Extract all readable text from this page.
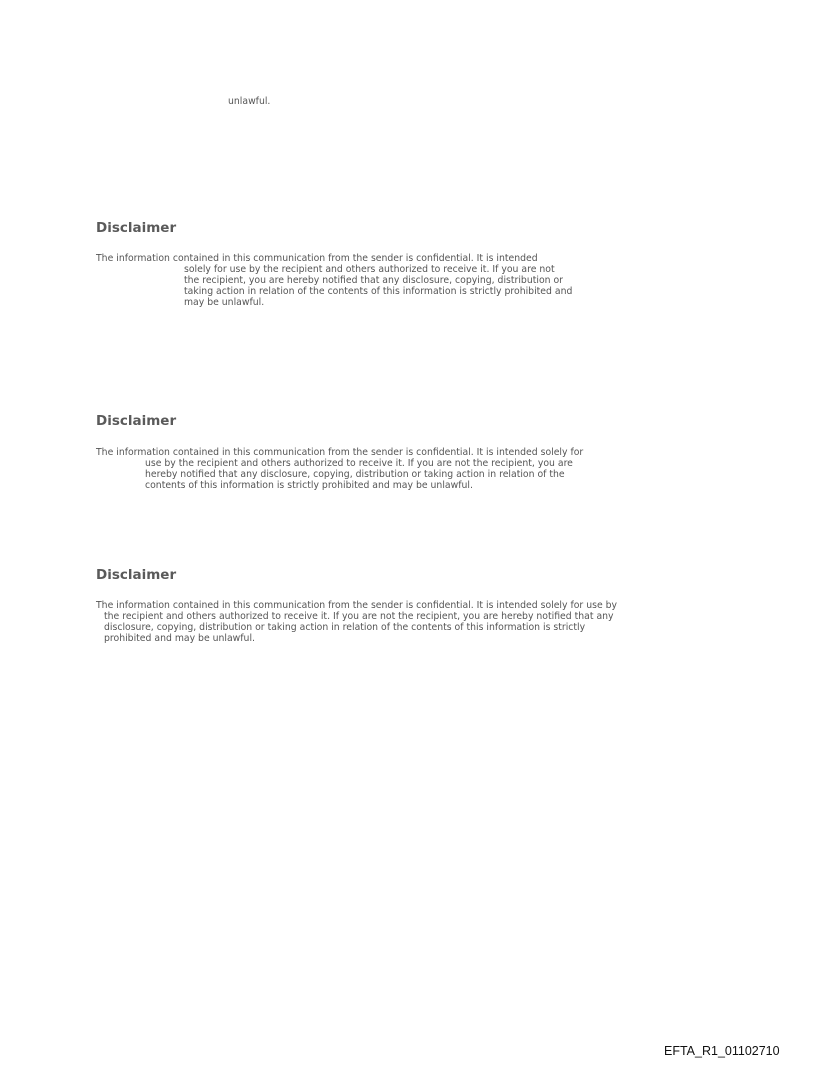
unlawful.
Disclaimer
The information contained in this communication from the sender is confidential. It is intended
solely for use by the recipient and others authorized to receive it. If you are not
the recipient, you are hereby notified that any disclosure, copying, distribution or
taking action in relation of the contents of this information is strictly prohibited and
may be unlawful.
Disclaimer
The information contained in this communication from the sender is confidential. It is intended solely for
use by the recipient and others authorized to receive it. If you are not the recipient, you are
hereby notified that any disclosure, copying, distribution or taking action in relation of the
contents of this information is strictly prohibited and may be unlawful.
Disclaimer
The information contained in this communication from the sender is confidential. It is intended solely for use by
the recipient and others authorized to receive it. If you are not the recipient, you are hereby notified that any
disclosure, copying, distribution or taking action in relation of the contents of this information is strictly
prohibited and may be unlawful.
EFTA_R1_01102710
